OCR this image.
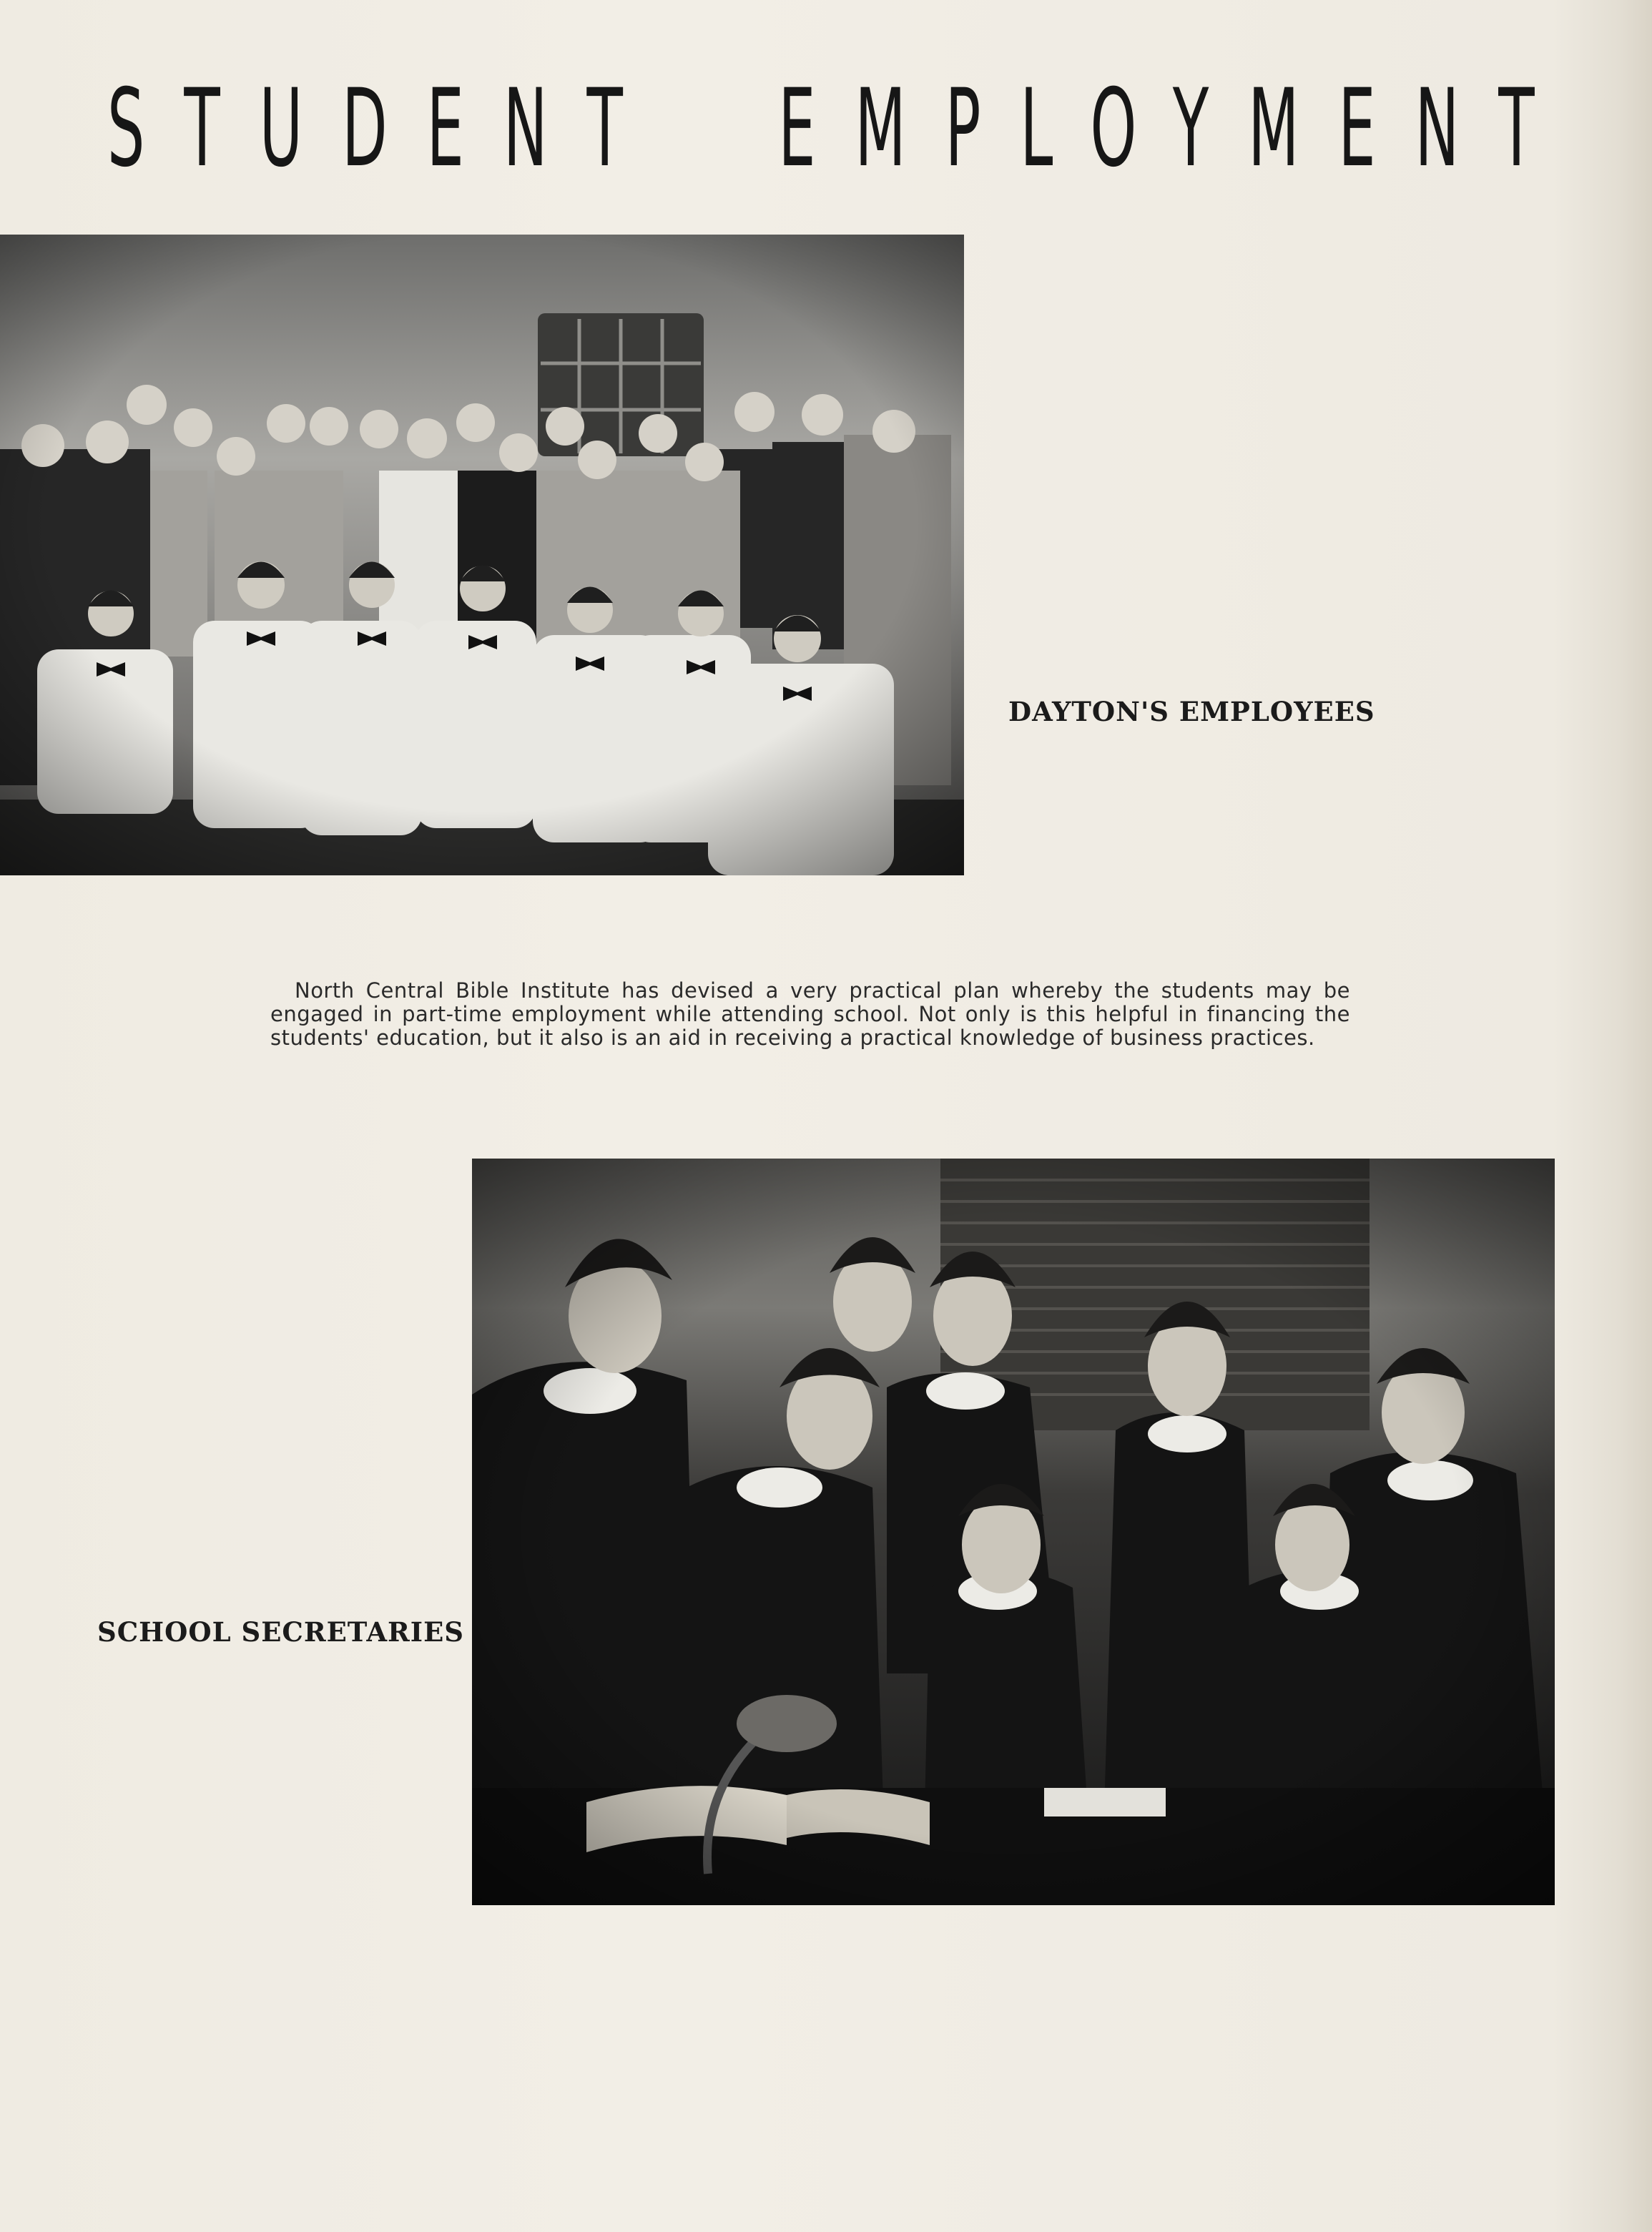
STUDENT  EMPLOYMENT
DAYTON'S EMPLOYEES

North Central Bible Institute has devised a very practical plan whereby the students may be engaged in part-time employment while attending school. Not only is this helpful in financing the students' education, but it also is an aid in receiving a practical knowledge of business practices.

SCHOOL SECRETARIES
